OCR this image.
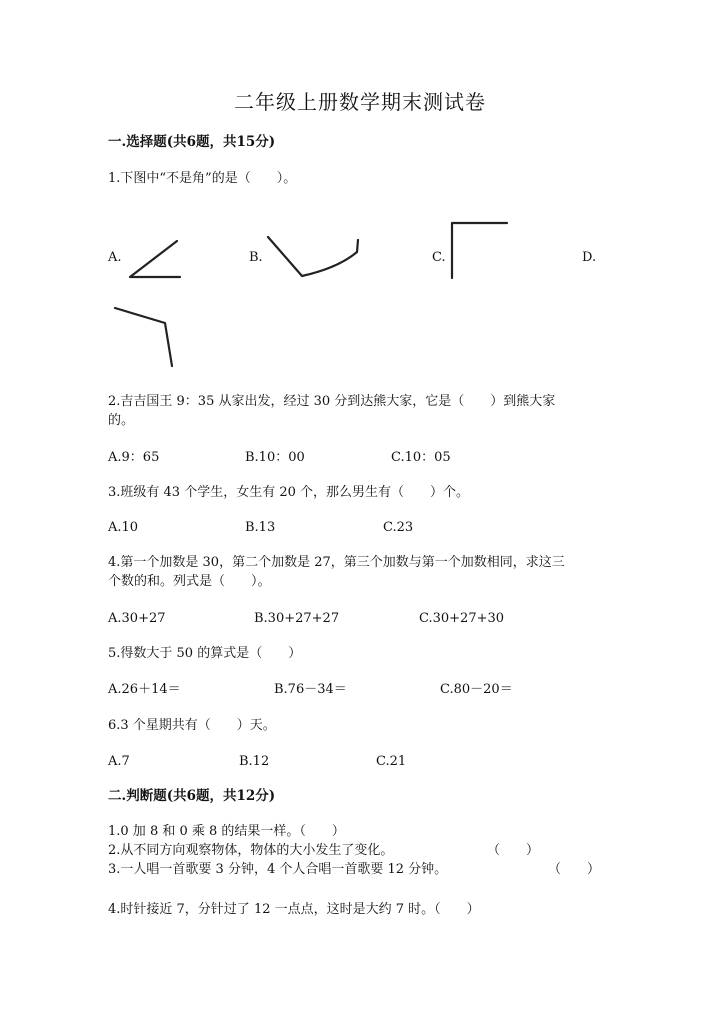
二年级上册数学期末测试卷
一.选择题(共6题，共15分)
1.下图中“不是角”的是（　　）。
A.	B.	C.	D.
2.吉吉国王 9：35 从家出发，经过 30 分到达熊大家，它是（　　）到熊大家
的。
A.9：65	B.10：00	C.10：05
3.班级有 43 个学生，女生有 20 个，那么男生有（　　）个。
A.10	B.13	C.23
4.第一个加数是 30，第二个加数是 27，第三个加数与第一个加数相同，求这三
个数的和。列式是（　　）。
A.30+27	B.30+27+27	C.30+27+30
5.得数大于 50 的算式是（　　）
A.26＋14＝	B.76－34＝	C.80－20＝
6.3 个星期共有（　　）天。
A.7	B.12	C.21
二.判断题(共6题，共12分)
1.0 加 8 和 0 乘 8 的结果一样。（　　）
2.从不同方向观察物体，物体的大小发生了变化。	（　　）
3.一人唱一首歌要 3 分钟，4 个人合唱一首歌要 12 分钟。	（　　）
4.时针接近 7，分针过了 12 一点点，这时是大约 7 时。（　　）
